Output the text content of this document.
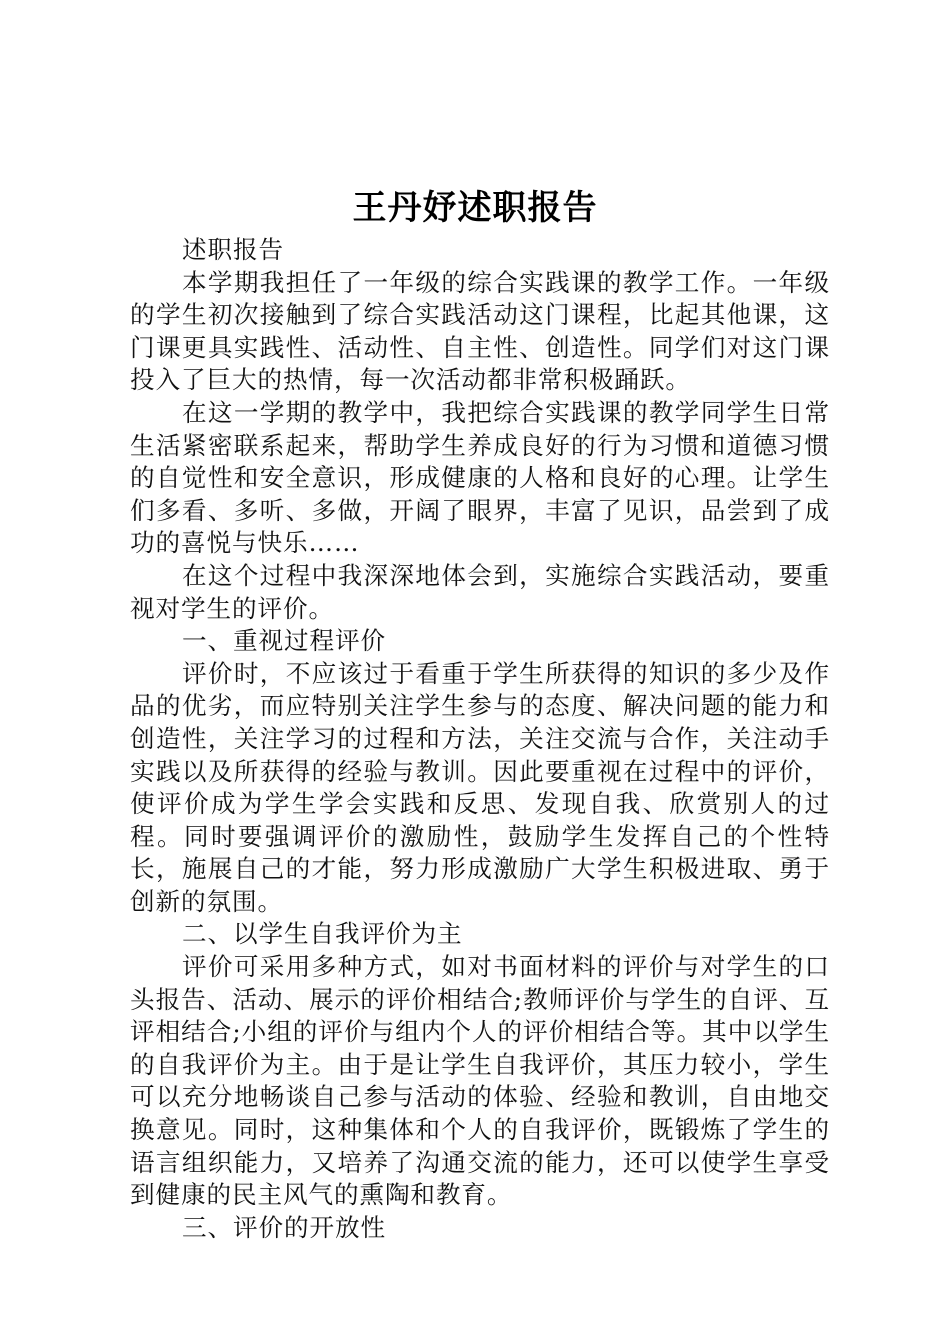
王丹妤述职报告

述职报告

本学期我担任了一年级的综合实践课的教学工作。一年级的学生初次接触到了综合实践活动这门课程，比起其他课，这门课更具实践性、活动性、自主性、创造性。同学们对这门课投入了巨大的热情，每一次活动都非常积极踊跃。

在这一学期的教学中，我把综合实践课的教学同学生日常生活紧密联系起来，帮助学生养成良好的行为习惯和道德习惯的自觉性和安全意识，形成健康的人格和良好的心理。让学生们多看、多听、多做，开阔了眼界，丰富了见识，品尝到了成功的喜悦与快乐……

在这个过程中我深深地体会到，实施综合实践活动，要重视对学生的评价。

一、重视过程评价

评价时，不应该过于看重于学生所获得的知识的多少及作品的优劣，而应特别关注学生参与的态度、解决问题的能力和创造性，关注学习的过程和方法，关注交流与合作，关注动手实践以及所获得的经验与教训。因此要重视在过程中的评价，使评价成为学生学会实践和反思、发现自我、欣赏别人的过程。同时要强调评价的激励性，鼓励学生发挥自己的个性特长，施展自己的才能，努力形成激励广大学生积极进取、勇于创新的氛围。

二、以学生自我评价为主

评价可采用多种方式，如对书面材料的评价与对学生的口头报告、活动、展示的评价相结合;教师评价与学生的自评、互评相结合;小组的评价与组内个人的评价相结合等。其中以学生的自我评价为主。由于是让学生自我评价，其压力较小，学生可以充分地畅谈自己参与活动的体验、经验和教训，自由地交换意见。同时，这种集体和个人的自我评价，既锻炼了学生的语言组织能力，又培养了沟通交流的能力，还可以使学生享受到健康的民主风气的熏陶和教育。

三、评价的开放性
